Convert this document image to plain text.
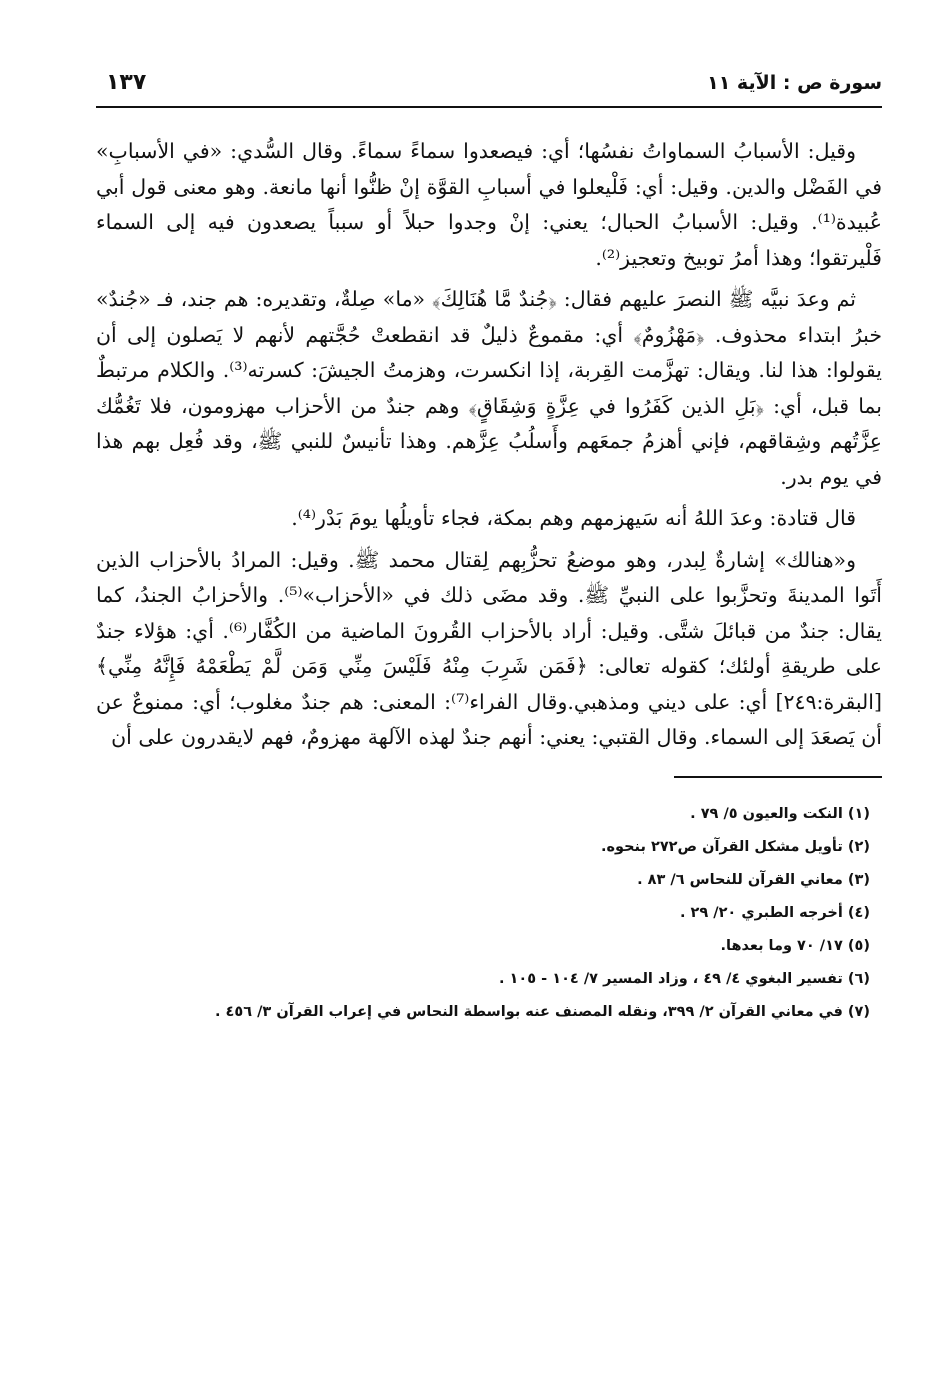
سورة ص : الآية ١١
١٣٧

وقيل: الأسبابُ السماواتُ نفسُها؛ أي: فيصعدوا سماءً سماءً. وقال السُّدي: «في الأسبابِ» في الفَضْل والدين. وقيل: أي: فَلْيعلوا في أسبابِ القوَّة إنْ ظنُّوا أنها مانعة. وهو معنى قول أبي عُبيدة⁽¹⁾. وقيل: الأسبابُ الحبال؛ يعني: إنْ وجدوا حبلاً أو سبباً يصعدون فيه إلى السماء فَلْيرتقوا؛ وهذا أمرُ توبيخ وتعجيز⁽²⁾.

ثم وعدَ نبيَّه ﷺ النصرَ عليهم فقال: ﴿جُندٌ مَّا هُنَالِكَ﴾ «ما» صِلةٌ، وتقديره: هم جند، فـ «جُندٌ» خبرُ ابتداء محذوف. ﴿مَهْزُومٌ﴾ أي: مقموعٌ ذليلٌ قد انقطعتْ حُجَّتهم لأنهم لا يَصلون إلى أن يقولوا: هذا لنا. ويقال: تهزَّمت القِربة، إذا انكسرت، وهزمتُ الجيشَ: كسرته⁽³⁾. والكلام مرتبطٌ بما قبل، أي: ﴿بَلِ الذين كَفَرُوا في عِزَّةٍ وَشِقَاقٍ﴾ وهم جندٌ من الأحزاب مهزومون، فلا تَغُمُّك عِزَّتُهم وشِقاقهم، فإني أهزمُ جمعَهم وأَسلُبُ عِزَّهم. وهذا تأنيسٌ للنبي ﷺ، وقد فُعِل بهم هذا في يوم بدر.

قال قتادة: وعدَ اللهُ أنه سَيهزمهم وهم بمكة، فجاء تأويلُها يومَ بَدْر⁽⁴⁾.

و«هنالك» إشارةٌ لِبدر، وهو موضعُ تحزُّبِهم لِقتال محمد ﷺ. وقيل: المرادُ بالأحزاب الذين أَتَوا المدينةَ وتحزَّبوا على النبيِّ ﷺ. وقد مضَى ذلك في «الأحزاب»⁽⁵⁾. والأحزابُ الجندُ، كما يقال: جندٌ من قبائلَ شتَّى. وقيل: أراد بالأحزاب القُرونَ الماضية من الكُفَّار⁽⁶⁾. أي: هؤلاء جندٌ على طريقةِ أولئك؛ كقوله تعالى: ﴿فَمَن شَرِبَ مِنْهُ فَلَيْسَ مِنِّي وَمَن لَّمْ يَطْعَمْهُ فَإِنَّهُ مِنِّي﴾ [البقرة:٢٤٩] أي: على ديني ومذهبي.وقال الفراء⁽⁷⁾: المعنى: هم جندٌ مغلوب؛ أي: ممنوعٌ عن أن يَصعَدَ إلى السماء. وقال القتبي: يعني: أنهم جندٌ لهذه الآلهة مهزومٌ، فهم لايقدرون على أن

(١) النكت والعيون ٥/ ٧٩ .
(٢) تأويل مشكل القرآن ص٢٧٢ بنحوه.
(٣) معاني القرآن للنحاس ٦/ ٨٣ .
(٤) أخرجه الطبري ٢٠/ ٢٩ .
(٥) ١٧/ ٧٠ وما بعدها.
(٦) تفسير البغوي ٤/ ٤٩ ، وزاد المسير ٧/ ١٠٤ - ١٠٥ .
(٧) في معاني القرآن ٢/ ٣٩٩، ونقله المصنف عنه بواسطة النحاس في إعراب القرآن ٣/ ٤٥٦ .
